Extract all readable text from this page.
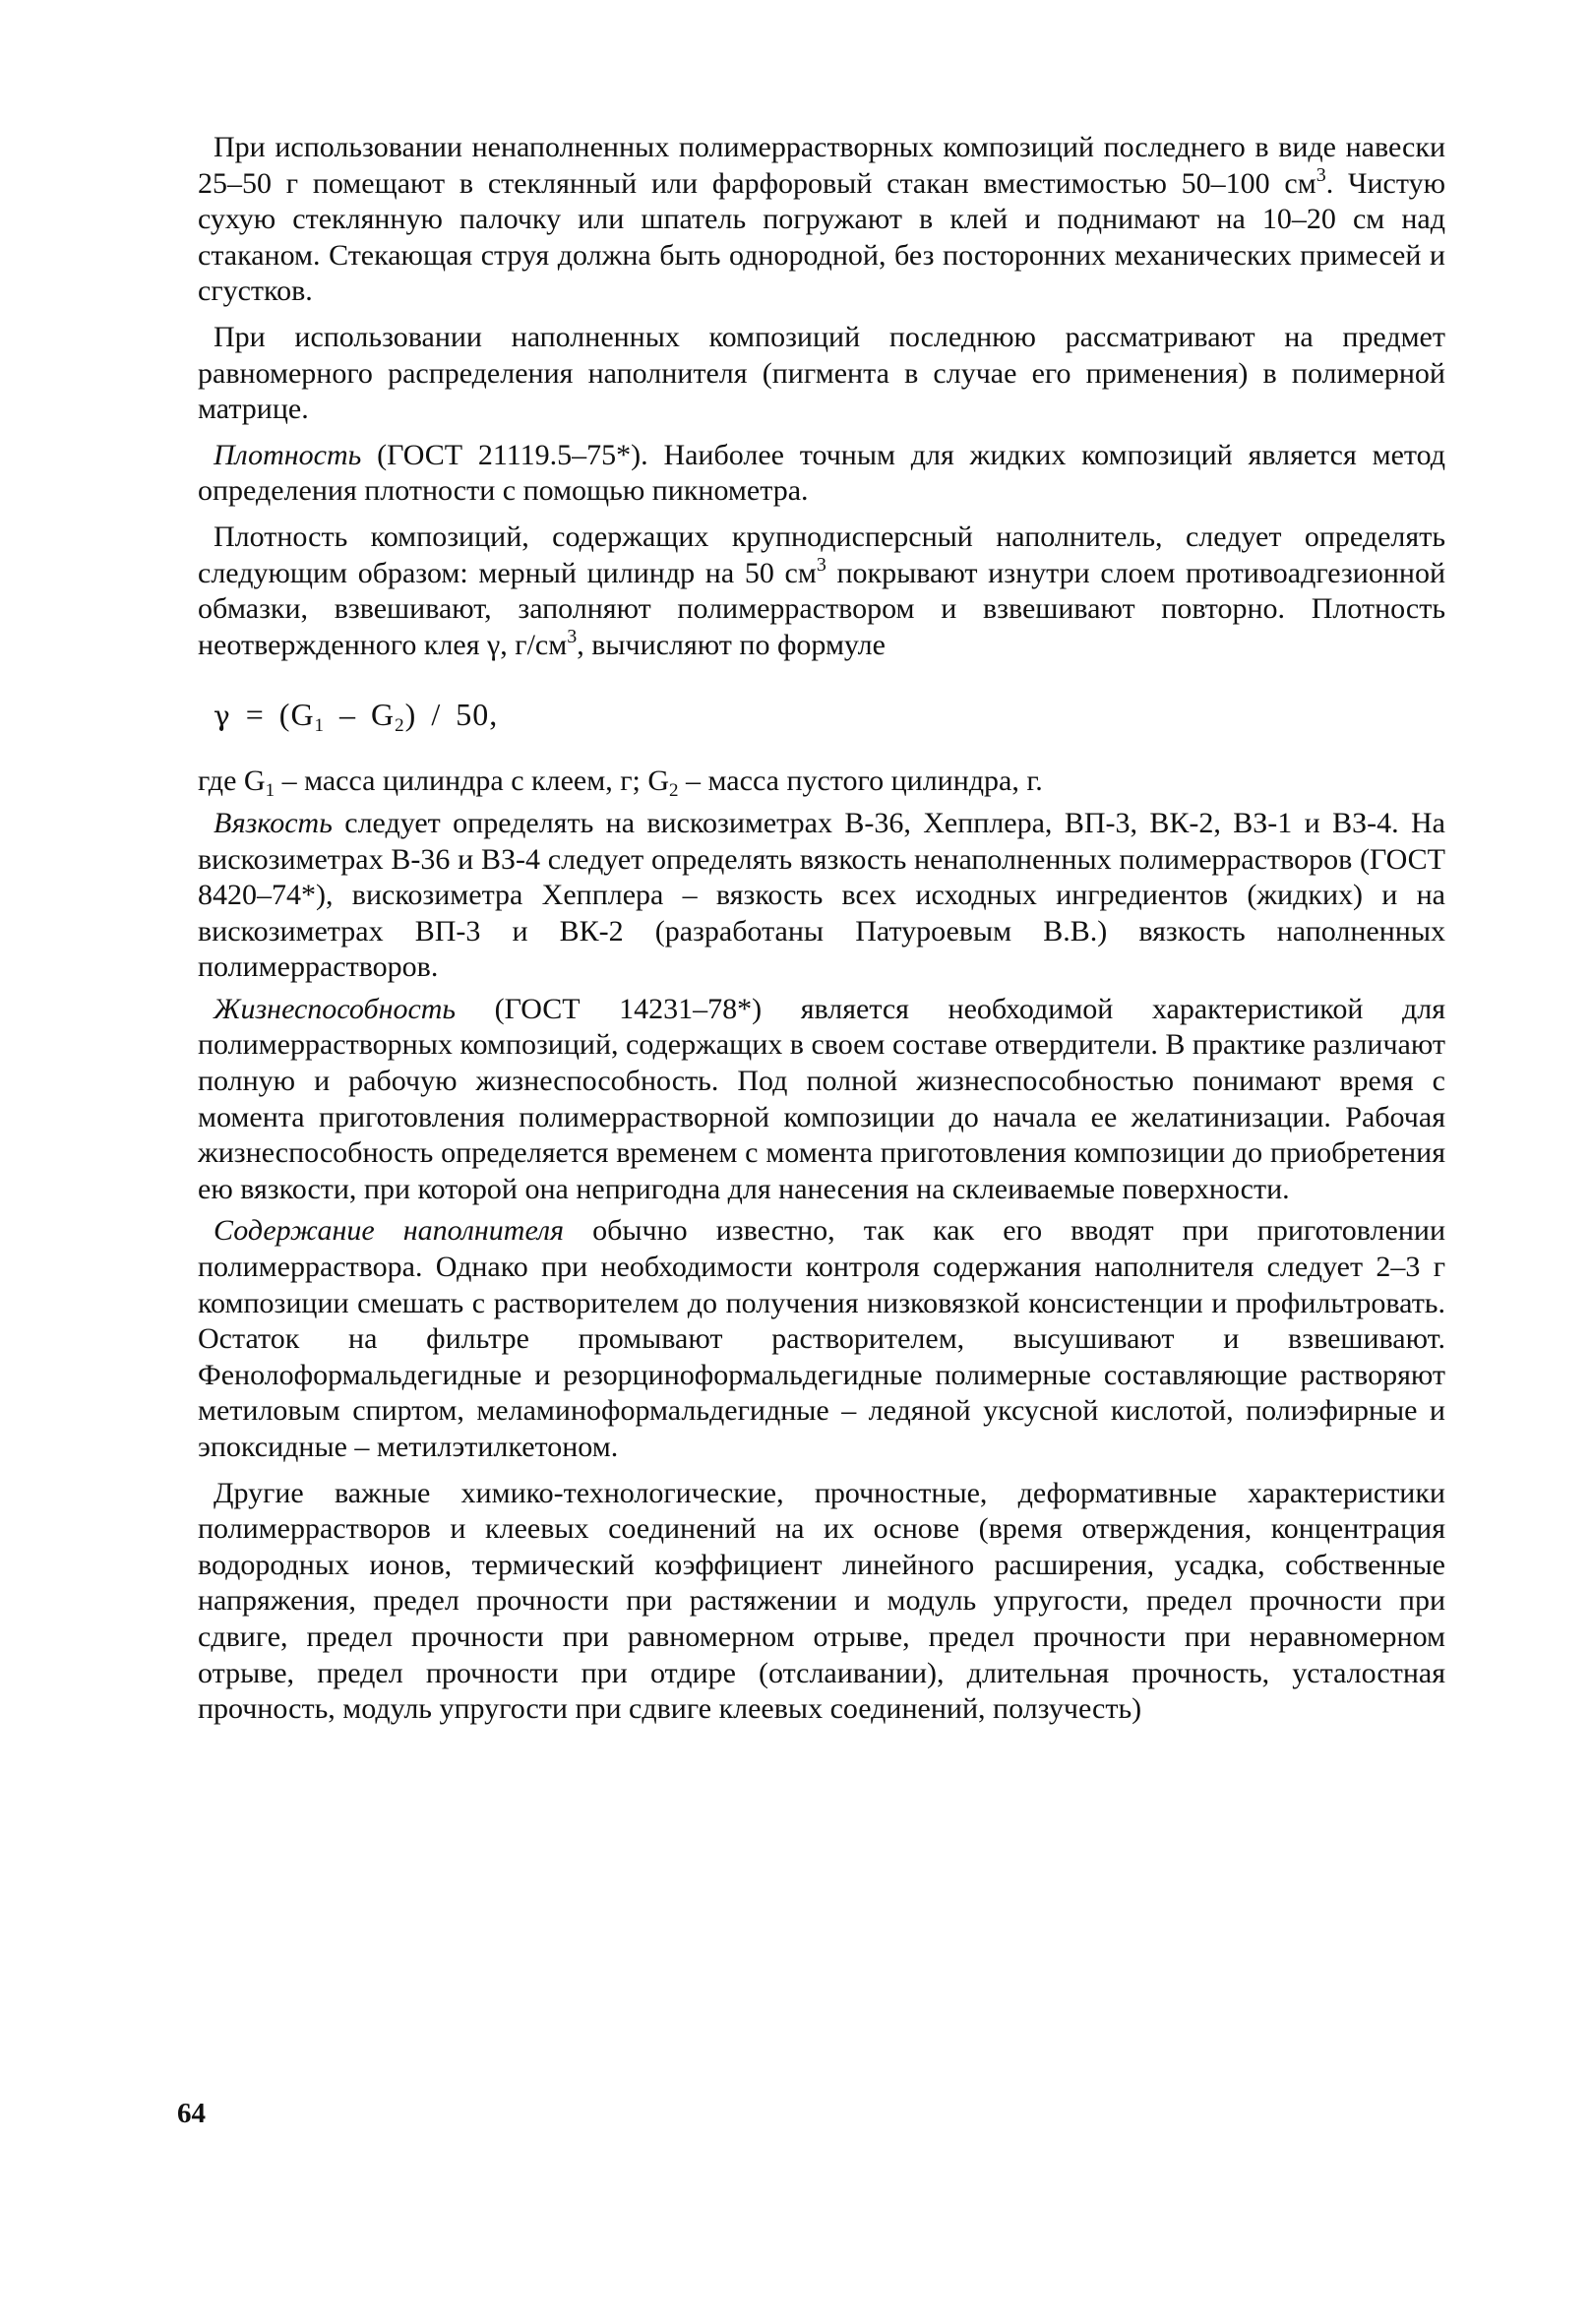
При использовании ненаполненных полимеррастворных композиций последнего в виде навески 25–50 г помещают в стеклянный или фарфоровый стакан вместимостью 50–100 $см^3$. Чистую сухую стеклянную палочку или шпатель погружают в клей и поднимают на 10–20 см над стаканом. Стекающая струя должна быть однородной, без посторонних механических примесей и сгустков.

При использовании наполненных композиций последнюю рассматривают на предмет равномерного распределения наполнителя (пигмента в случае его применения) в полимерной матрице.

Плотность (ГОСТ 21119.5–75*). Наиболее точным для жидких композиций является метод определения плотности с помощью пикнометра.

Плотность композиций, содержащих крупнодисперсный наполнитель, следует определять следующим образом: мерный цилиндр на 50 $см^3$ покрывают изнутри слоем противоадгезионной обмазки, взвешивают, заполняют полимерраствором и взвешивают повторно. Плотность неотвержденного клея γ, $г/см^3$, вычисляют по формуле

$\gamma = (G_1 - G_2) / 50$,

где $G_1$ – масса цилиндра с клеем, г; $G_2$ – масса пустого цилиндра, г.

Вязкость следует определять на вискозиметрах В-36, Хепплера, ВП-3, ВК-2, ВЗ-1 и ВЗ-4. На вискозиметрах В-36 и ВЗ-4 следует определять вязкость ненаполненных полимеррастворов (ГОСТ 8420–74*), вискозиметра Хепплера – вязкость всех исходных ингредиентов (жидких) и на вискозиметрах ВП-3 и ВК-2 (разработаны Патуроевым В.В.) вязкость наполненных полимеррастворов.

Жизнеспособность (ГОСТ 14231–78*) является необходимой характеристикой для полимеррастворных композиций, содержащих в своем составе отвердители. В практике различают полную и рабочую жизнеспособность. Под полной жизнеспособностью понимают время с момента приготовления полимеррастворной композиции до начала ее желатинизации. Рабочая жизнеспособность определяется временем с момента приготовления композиции до приобретения ею вязкости, при которой она непригодна для нанесения на склеиваемые поверхности.

Содержание наполнителя обычно известно, так как его вводят при приготовлении полимерраствора. Однако при необходимости контроля содержания наполнителя следует 2–3 г композиции смешать с растворителем до получения низковязкой консистенции и профильтровать. Остаток на фильтре промывают растворителем, высушивают и взвешивают. Фенолоформальдегидные и резорциноформальдегидные полимерные составляющие растворяют метиловым спиртом, меламиноформальдегидные – ледяной уксусной кислотой, полиэфирные и эпоксидные – метилэтилкетоном.

Другие важные химико-технологические, прочностные, деформативные характеристики полимеррастворов и клеевых соединений на их основе (время отверждения, концентрация водородных ионов, термический коэффициент линейного расширения, усадка, собственные напряжения, предел прочности при растяжении и модуль упругости, предел прочности при сдвиге, предел прочности при равномерном отрыве, предел прочности при неравномерном отрыве, предел прочности при отдире (отслаивании), длительная прочность, усталостная прочность, модуль упругости при сдвиге клеевых соединений, ползучесть)

64
